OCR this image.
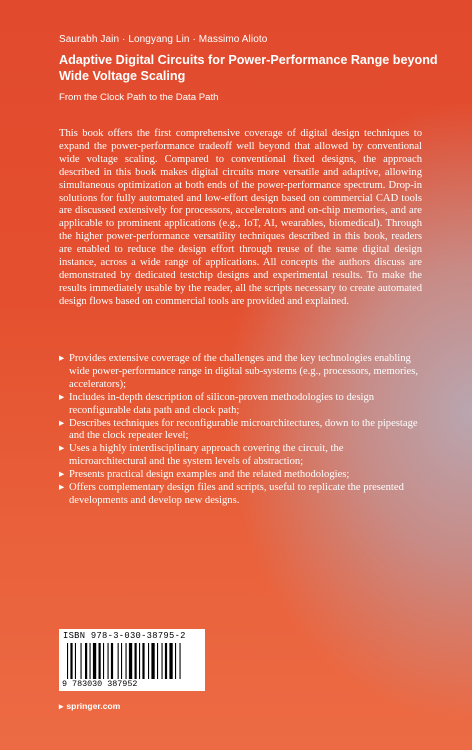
Saurabh Jain · Longyang Lin · Massimo Alioto
Adaptive Digital Circuits for Power-Performance Range beyond Wide Voltage Scaling
From the Clock Path to the Data Path
This book offers the first comprehensive coverage of digital design techniques to expand the power-performance tradeoff well beyond that allowed by conventional wide voltage scaling. Compared to conventional fixed designs, the approach described in this book makes digital circuits more versatile and adaptive, allowing simultaneous optimization at both ends of the power-performance spectrum. Drop-in solutions for fully automated and low-effort design based on commercial CAD tools are discussed extensively for processors, accelerators and on-chip memories, and are applicable to prominent applications (e.g., IoT, AI, wearables, biomedical). Through the higher power-performance versatility techniques described in this book, readers are enabled to reduce the design effort through reuse of the same digital design instance, across a wide range of applications. All concepts the authors discuss are demonstrated by dedicated testchip designs and experimental results. To make the results immediately usable by the reader, all the scripts necessary to create automated design flows based on commercial tools are provided and explained.
▸ Provides extensive coverage of the challenges and the key technologies enabling wide power-performance range in digital sub-systems (e.g., processors, memories, accelerators);
▸ Includes in-depth description of silicon-proven methodologies to design reconfigurable data path and clock path;
▸ Describes techniques for reconfigurable microarchitectures, down to the pipestage and the clock repeater level;
▸ Uses a highly interdisciplinary approach covering the circuit, the microarchitectural and the system levels of abstraction;
▸ Presents practical design examples and the related methodologies;
▸ Offers complementary design files and scripts, useful to replicate the presented developments and develop new designs.
ISBN 978-3-030-38795-2
9 783030 387952
▸ springer.com
